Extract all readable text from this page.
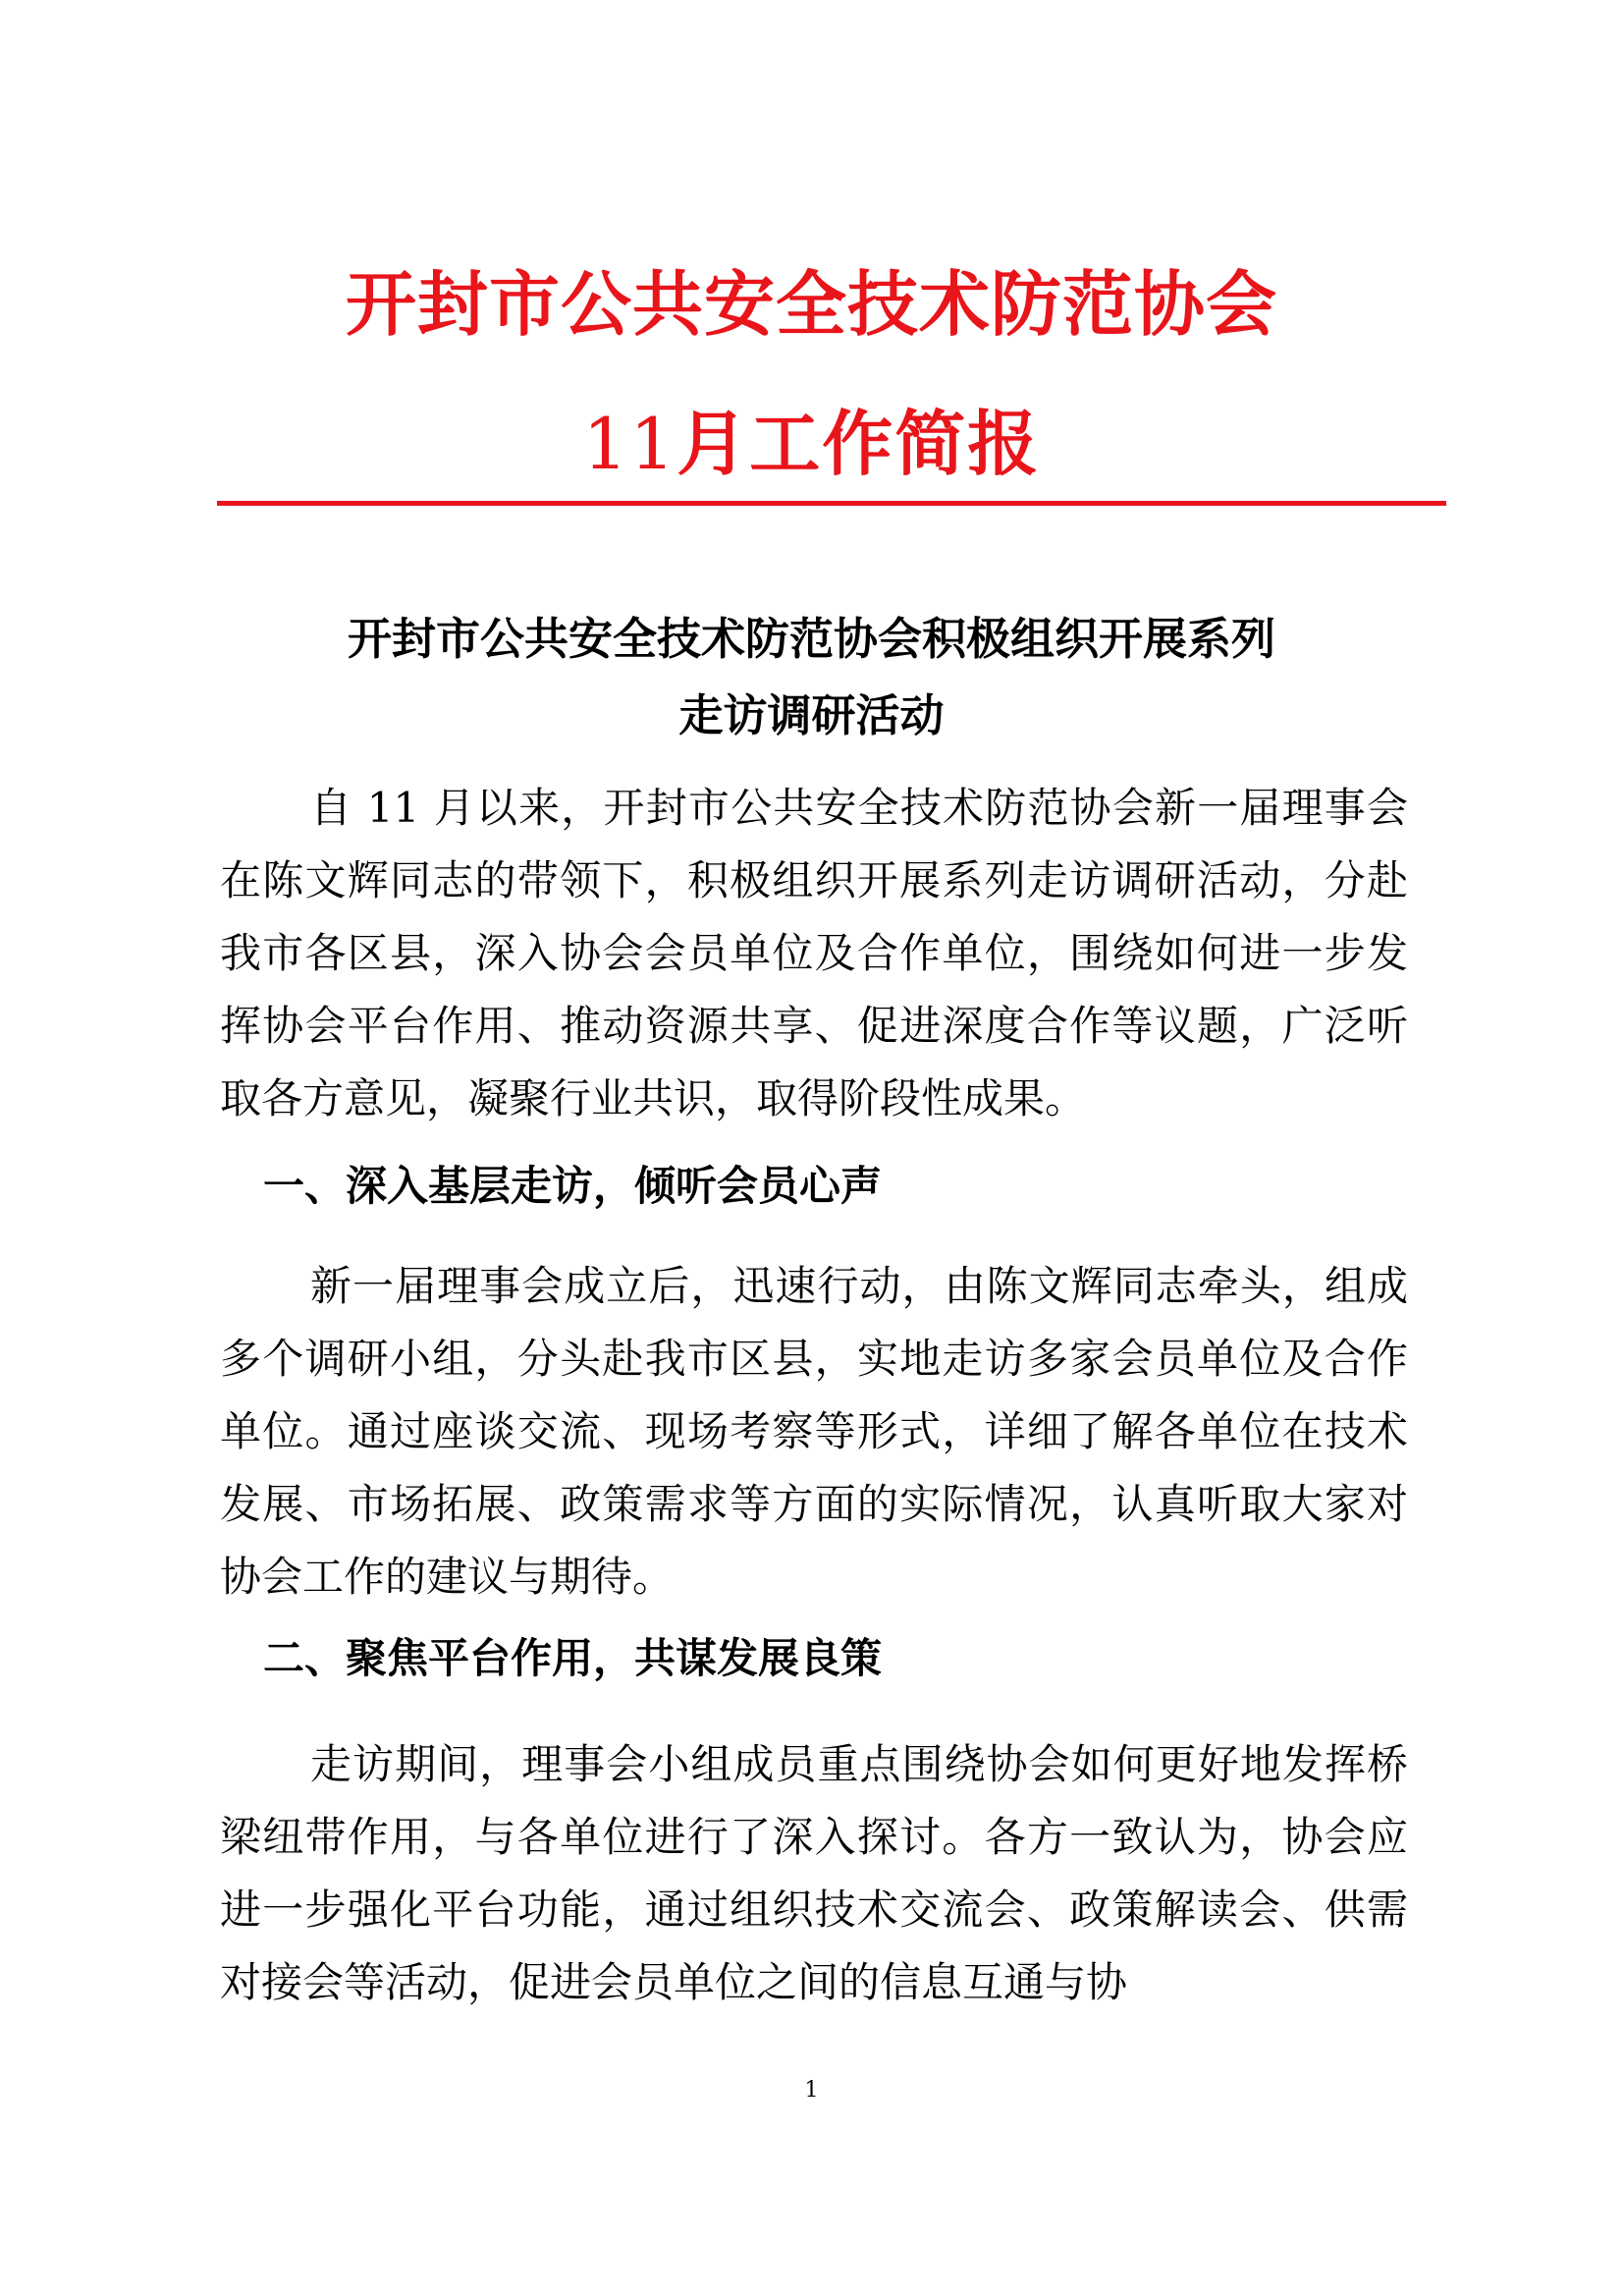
开封市公共安全技术防范协会
11月工作简报
开封市公共安全技术防范协会积极组织开展系列
走访调研活动

自 11 月以来，开封市公共安全技术防范协会新一届理事会在陈文辉同志的带领下，积极组织开展系列走访调研活动，分赴我市各区县，深入协会会员单位及合作单位，围绕如何进一步发挥协会平台作用、推动资源共享、促进深度合作等议题，广泛听取各方意见，凝聚行业共识，取得阶段性成果。

一、深入基层走访，倾听会员心声

新一届理事会成立后，迅速行动，由陈文辉同志牵头，组成多个调研小组，分头赴我市区县，实地走访多家会员单位及合作单位。通过座谈交流、现场考察等形式，详细了解各单位在技术发展、市场拓展、政策需求等方面的实际情况，认真听取大家对协会工作的建议与期待。

二、聚焦平台作用，共谋发展良策

走访期间，理事会小组成员重点围绕协会如何更好地发挥桥梁纽带作用，与各单位进行了深入探讨。各方一致认为，协会应进一步强化平台功能，通过组织技术交流会、政策解读会、供需对接会等活动，促进会员单位之间的信息互通与协

1
